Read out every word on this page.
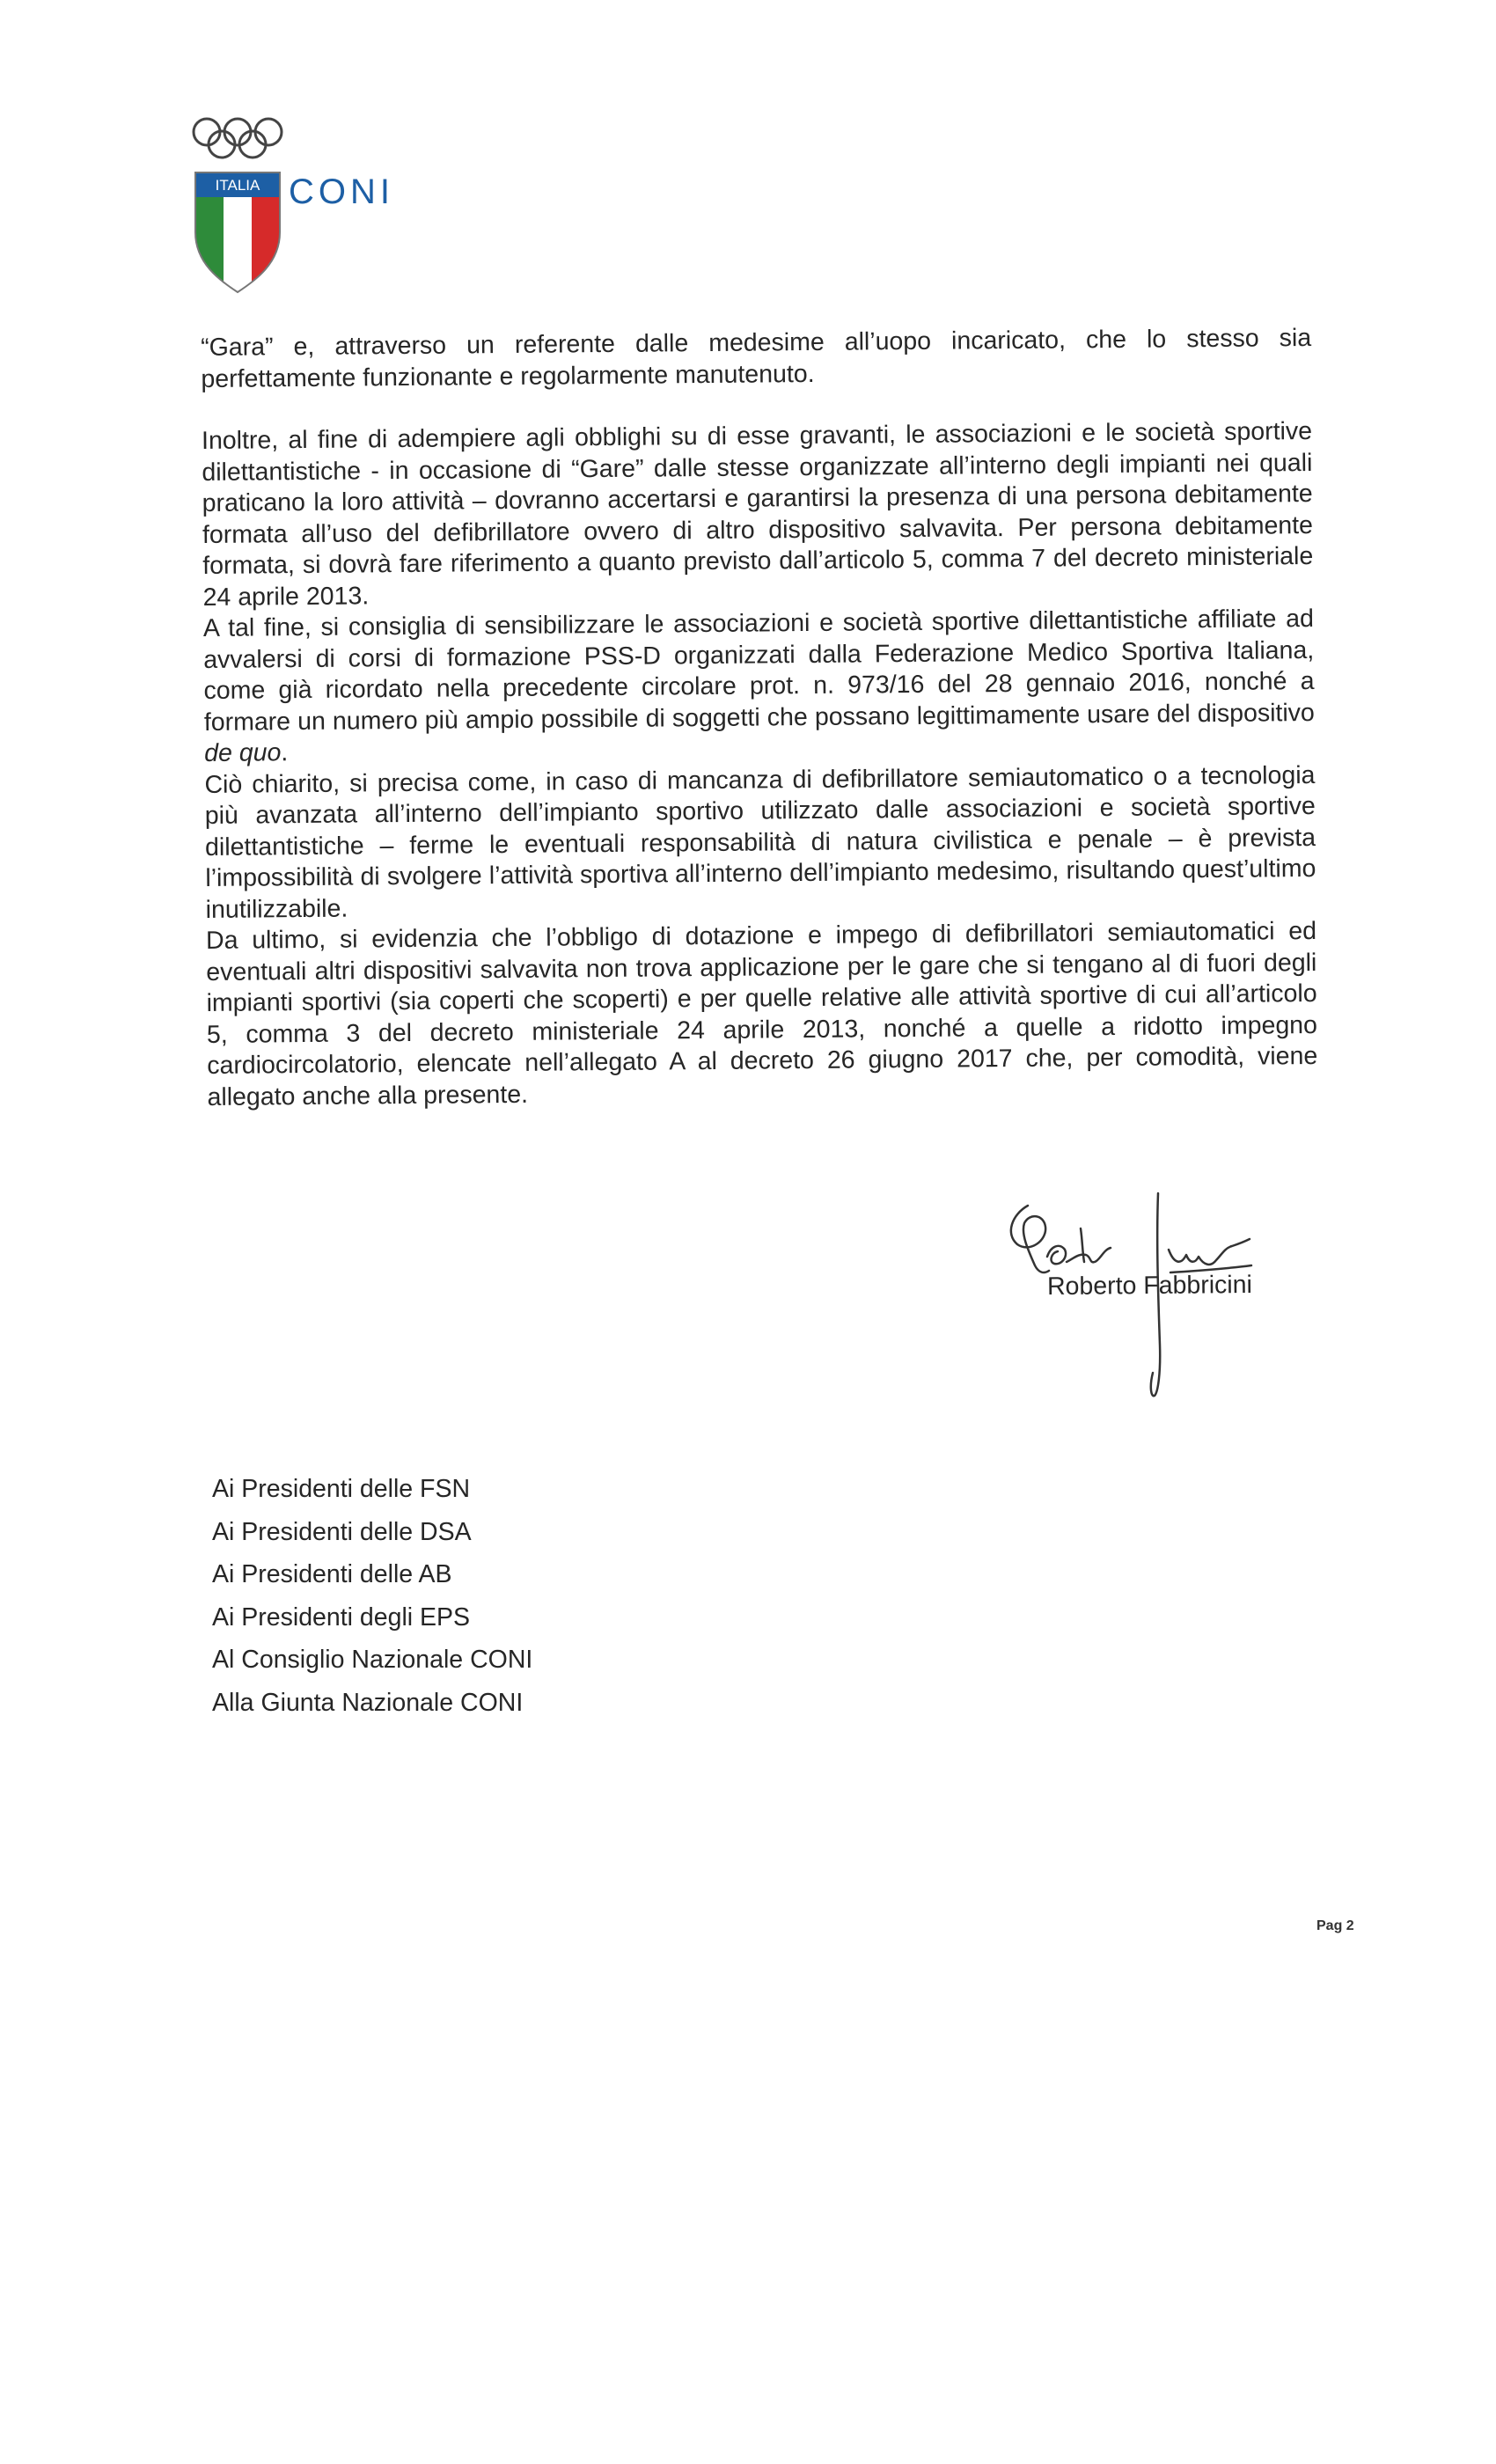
ITALIA CONI

“Gara” e, attraverso un referente dalle medesime all’uopo incaricato, che lo stesso sia perfettamente funzionante e regolarmente manutenuto.

Inoltre, al fine di adempiere agli obblighi su di esse gravanti, le associazioni e le società sportive dilettantistiche - in occasione di “Gare” dalle stesse organizzate all’interno degli impianti nei quali praticano la loro attività – dovranno accertarsi e garantirsi la presenza di una persona debitamente formata all’uso del defibrillatore ovvero di altro dispositivo salvavita. Per persona debitamente formata, si dovrà fare riferimento a quanto previsto dall’articolo 5, comma 7 del decreto ministeriale 24 aprile 2013.

A tal fine, si consiglia di sensibilizzare le associazioni e società sportive dilettantistiche affiliate ad avvalersi di corsi di formazione PSS-D organizzati dalla Federazione Medico Sportiva Italiana, come già ricordato nella precedente circolare prot. n. 973/16 del 28 gennaio 2016, nonché a formare un numero più ampio possibile di soggetti che possano legittimamente usare del dispositivo de quo.

Ciò chiarito, si precisa come, in caso di mancanza di defibrillatore semiautomatico o a tecnologia più avanzata all’interno dell’impianto sportivo utilizzato dalle associazioni e società sportive dilettantistiche – ferme le eventuali responsabilità di natura civilistica e penale – è prevista l’impossibilità di svolgere l’attività sportiva all’interno dell’impianto medesimo, risultando quest’ultimo inutilizzabile.

Da ultimo, si evidenzia che l’obbligo di dotazione e impego di defibrillatori semiautomatici ed eventuali altri dispositivi salvavita non trova applicazione per le gare che si tengano al di fuori degli impianti sportivi (sia coperti che scoperti) e per quelle relative alle attività sportive di cui all’articolo 5, comma 3 del decreto ministeriale 24 aprile 2013, nonché a quelle a ridotto impegno cardiocircolatorio, elencate nell’allegato A al decreto 26 giugno 2017 che, per comodità, viene allegato anche alla presente.

Roberto Fabbricini
Ai Presidenti delle FSN
Ai Presidenti delle DSA
Ai Presidenti delle AB
Ai Presidenti degli EPS
Al Consiglio Nazionale CONI
Alla Giunta Nazionale CONI
Pag 2
